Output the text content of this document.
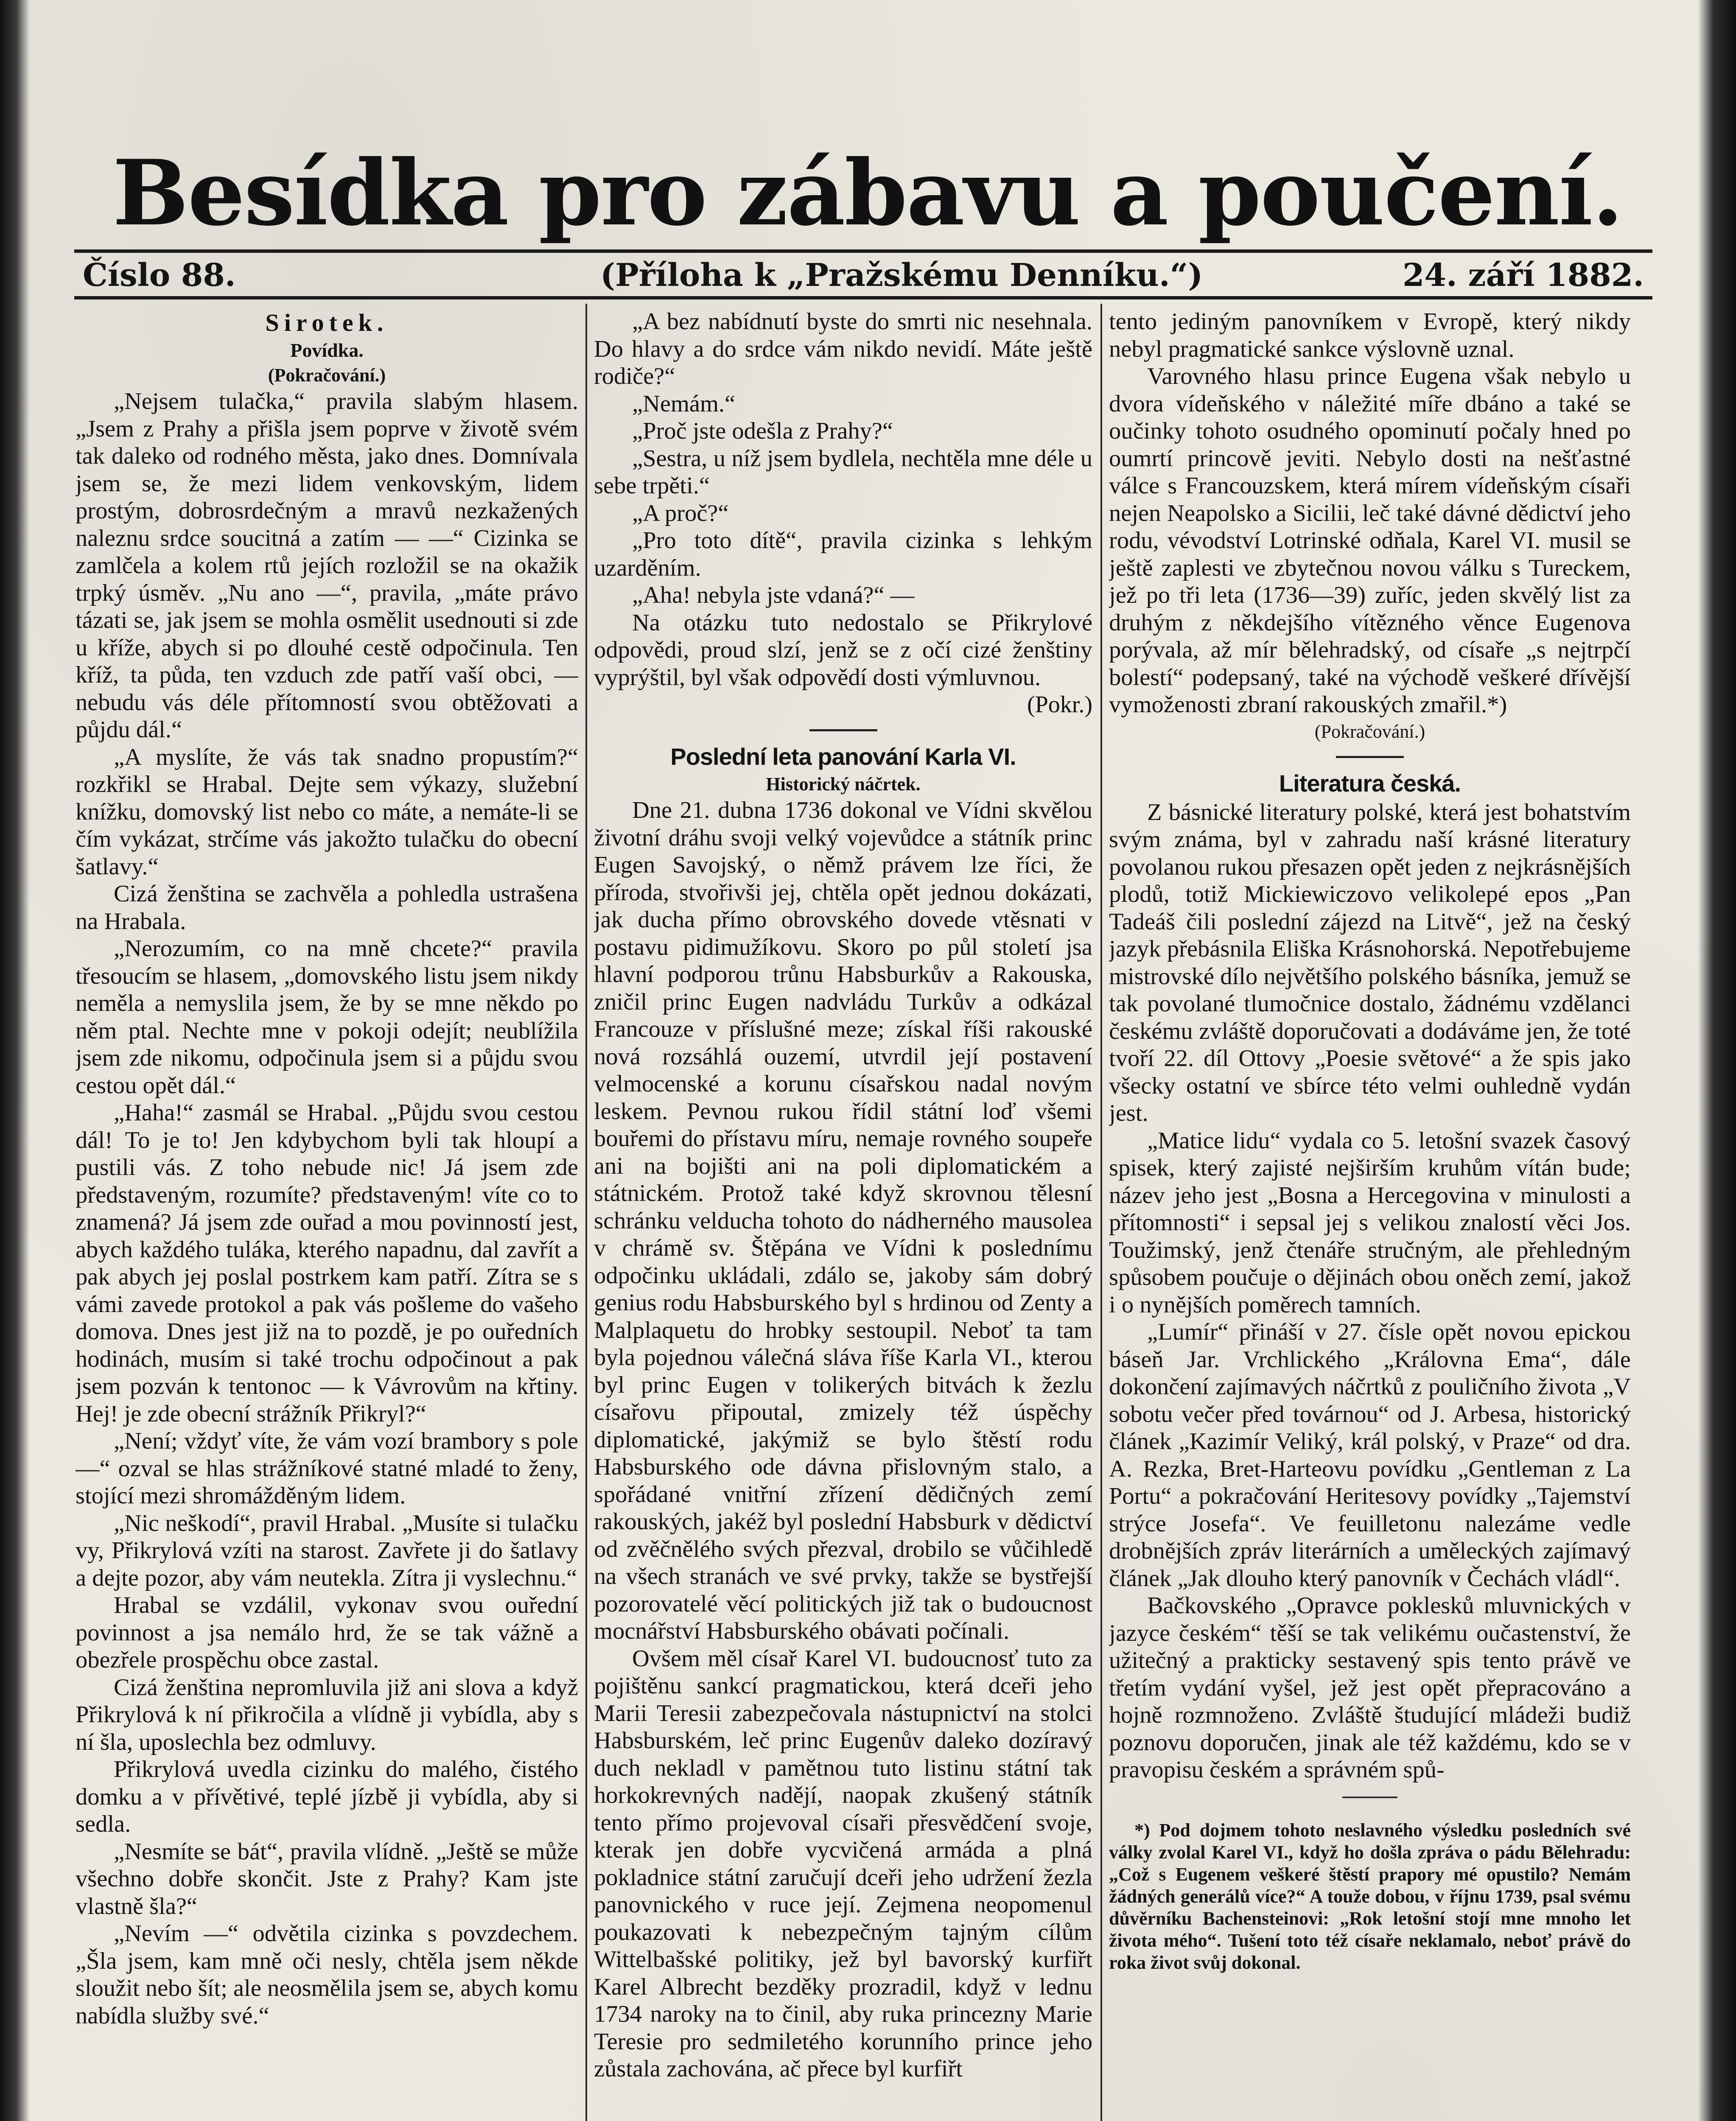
Besídka pro zábavu a poučení.
Číslo 88.	(Příloha k „Pražskému Denníku.“)	24. září 1882.
Sirotek.
Povídka.
(Pokračování.)

„Nejsem tulačka,“ pravila slabým hlasem. „Jsem z Prahy a přišla jsem poprve v životě svém tak daleko od rodného města, jako dnes. Domnívala jsem se, že mezi lidem venkovským, lidem prostým, dobrosrdečným a mravů nezkažených naleznu srdce soucitná a zatím — —“ Cizinka se zamlčela a kolem rtů jejích rozložil se na okažik trpký úsměv. „Nu ano —“, pravila, „máte právo tázati se, jak jsem se mohla osmělit usednouti si zde u kříže, abych si po dlouhé cestě odpočinula. Ten kříž, ta půda, ten vzduch zde patří vaší obci, — nebudu vás déle přítomností svou obtěžovati a půjdu dál.“

„A myslíte, že vás tak snadno propustím?“ rozkřikl se Hrabal. Dejte sem výkazy, služební knížku, domovský list nebo co máte, a nemáte-li se čím vykázat, strčíme vás jakožto tulačku do obecní šatlavy.“

Cizá ženština se zachvěla a pohledla ustrašena na Hrabala.

„Nerozumím, co na mně chcete?“ pravila třesoucím se hlasem, „domovského listu jsem nikdy neměla a nemyslila jsem, že by se mne někdo po něm ptal. Nechte mne v pokoji odejít; neublížila jsem zde nikomu, odpočinula jsem si a půjdu svou cestou opět dál.“

„Haha!“ zasmál se Hrabal. „Půjdu svou cestou dál! To je to! Jen kdybychom byli tak hloupí a pustili vás. Z toho nebude nic! Já jsem zde představeným, rozumíte? představeným! víte co to znamená? Já jsem zde ouřad a mou povinností jest, abych každého tuláka, kterého napadnu, dal zavřít a pak abych jej poslal postrkem kam patří. Zítra se s vámi zavede protokol a pak vás pošleme do vašeho domova. Dnes jest již na to pozdě, je po ouředních hodinách, musím si také trochu odpočinout a pak jsem pozván k tentonoc — k Vávrovům na křtiny. Hej! je zde obecní strážník Přikryl?“

„Není; vždyť víte, že vám vozí brambory s pole —“ ozval se hlas strážníkové statné mladé to ženy, stojící mezi shromážděným lidem.

„Nic neškodí“, pravil Hrabal. „Musíte si tulačku vy, Přikrylová vzíti na starost. Zavřete ji do šatlavy a dejte pozor, aby vám neutekla. Zítra ji vyslechnu.“

Hrabal se vzdálil, vykonav svou ouřední povinnost a jsa nemálo hrd, že se tak vážně a obezřele prospěchu obce zastal.

Cizá ženština nepromluvila již ani slova a když Přikrylová k ní přikročila a vlídně ji vybídla, aby s ní šla, uposlechla bez odmluvy.

Přikrylová uvedla cizinku do malého, čistého domku a v přívětivé, teplé jízbě ji vybídla, aby si sedla.

„Nesmíte se bát“, pravila vlídně. „Ještě se může všechno dobře skončit. Jste z Prahy? Kam jste vlastně šla?“

„Nevím —“ odvětila cizinka s povzdechem. „Šla jsem, kam mně oči nesly, chtěla jsem někde sloužit nebo šít; ale neosmělila jsem se, abych komu nabídla služby své.“

„A bez nabídnutí byste do smrti nic nesehnala. Do hlavy a do srdce vám nikdo nevidí. Máte ještě rodiče?“

„Nemám.“

„Proč jste odešla z Prahy?“

„Sestra, u níž jsem bydlela, nechtěla mne déle u sebe trpěti.“

„A proč?“

„Pro toto dítě“, pravila cizinka s lehkým uzarděním.

„Aha! nebyla jste vdaná?“ —

Na otázku tuto nedostalo se Přikrylové odpovědi, proud slzí, jenž se z očí cizé ženštiny vyprýštil, byl však odpovědí dosti výmluvnou.

(Pokr.)
Poslední leta panování Karla VI.
Historický náčrtek.

Dne 21. dubna 1736 dokonal ve Vídni skvělou životní dráhu svoji velký vojevůdce a státník princ Eugen Savojský, o němž právem lze říci, že příroda, stvořivši jej, chtěla opět jednou dokázati, jak ducha přímo obrovského dovede vtěsnati v postavu pidimužíkovu. Skoro po půl století jsa hlavní podporou trůnu Habsburkův a Rakouska, zničil princ Eugen nadvládu Turkův a odkázal Francouze v příslušné meze; získal říši rakouské nová rozsáhlá ouzemí, utvrdil její postavení velmocenské a korunu císařskou nadal novým leskem. Pevnou rukou řídil státní loď všemi bouřemi do přístavu míru, nemaje rovného soupeře ani na bojišti ani na poli diplomatickém a státnickém. Protož také když skrovnou tělesní schránku velducha tohoto do nádherného mausolea v chrámě sv. Štěpána ve Vídni k poslednímu odpočinku ukládali, zdálo se, jakoby sám dobrý genius rodu Habsburského byl s hrdinou od Zenty a Malplaquetu do hrobky sestoupil. Neboť ta tam byla pojednou válečná sláva říše Karla VI., kterou byl princ Eugen v tolikerých bitvách k žezlu císařovu připoutal, zmizely též úspěchy diplomatické, jakýmiž se bylo štěstí rodu Habsburského ode dávna přislovným stalo, a spořádané vnitřní zřízení dědičných zemí rakouských, jakéž byl poslední Habsburk v dědictví od zvěčnělého svých přezval, drobilo se vůčihledě na všech stranách ve své prvky, takže se bystřejší pozorovatelé věcí politických již tak o budoucnost mocnářství Habsburského obávati počínali.

Ovšem měl císař Karel VI. budoucnosť tuto za pojištěnu sankcí pragmatickou, která dceři jeho Marii Teresii zabezpečovala nástupnictví na stolci Habsburském, leč princ Eugenův daleko dozíravý duch nekladl v pamětnou tuto listinu státní tak horkokrevných nadějí, naopak zkušený státník tento přímo projevoval císaři přesvědčení svoje, kterak jen dobře vycvičená armáda a plná pokladnice státní zaručují dceři jeho udržení žezla panovnického v ruce její. Zejmena neopomenul poukazovati k nebezpečným tajným cílům Wittelbašské politiky, jež byl bavorský kurfiřt Karel Albrecht bezděky prozradil, když v lednu 1734 naroky na to činil, aby ruka princezny Marie Teresie pro sedmiletého korunního prince jeho zůstala zachována, ač přece byl kurfiřt

tento jediným panovníkem v Evropě, který nikdy nebyl pragmatické sankce výslovně uznal.

Varovného hlasu prince Eugena však nebylo u dvora vídeňského v náležité míře dbáno a také se oučinky tohoto osudného opominutí počaly hned po oumrtí princově jeviti. Nebylo dosti na nešťastné válce s Francouzskem, která mírem vídeňským císaři nejen Neapolsko a Sicilii, leč také dávné dědictví jeho rodu, vévodství Lotrinské odňala, Karel VI. musil se ještě zaplesti ve zbytečnou novou válku s Tureckem, jež po tři leta (1736—39) zuříc, jeden skvělý list za druhým z někdejšího vítězného věnce Eugenova porývala, až mír bělehradský, od císaře „s nejtrpčí bolestí“ podepsaný, také na východě veškeré dřívější vymoženosti zbraní rakouských zmařil.*)

(Pokračování.)
Literatura česká.

Z básnické literatury polské, která jest bohatstvím svým známa, byl v zahradu naší krásné literatury povolanou rukou přesazen opět jeden z nejkrásnějších plodů, totiž Mickiewiczovo velikolepé epos „Pan Tadeáš čili poslední zájezd na Litvě“, jež na český jazyk přebásnila Eliška Krásnohorská. Nepotřebujeme mistrovské dílo největšího polského básníka, jemuž se tak povolané tlumočnice dostalo, žádnému vzdělanci českému zvláště doporučovati a dodáváme jen, že toté tvoří 22. díl Ottovy „Poesie světové“ a že spis jako všecky ostatní ve sbírce této velmi ouhledně vydán jest.

„Matice lidu“ vydala co 5. letošní svazek časový spisek, který zajisté nejširším kruhům vítán bude; název jeho jest „Bosna a Hercegovina v minulosti a přítomnosti“ i sepsal jej s velikou znalostí věci Jos. Toužimský, jenž čtenáře stručným, ale přehledným spůsobem poučuje o dějinách obou oněch zemí, jakož i o nynějších poměrech tamních.

„Lumír“ přináší v 27. čísle opět novou epickou báseň Jar. Vrchlického „Královna Ema“, dále dokončení zajímavých náčrtků z pouličního života „V sobotu večer před továrnou“ od J. Arbesa, historický článek „Kazimír Veliký, král polský, v Praze“ od dra. A. Rezka, Bret-Harteovu povídku „Gentleman z La Portu“ a pokračování Heritesovy povídky „Tajemství strýce Josefa“. Ve feuilletonu nalezáme vedle drobnějších zpráv literárních a uměleckých zajímavý článek „Jak dlouho který panovník v Čechách vládl“.

Bačkovského „Opravce poklesků mluvnických v jazyce českém“ těší se tak velikému oučastenství, že užitečný a prakticky sestavený spis tento právě ve třetím vydání vyšel, jež jest opět přepracováno a hojně rozmnoženo. Zvláště študující mládeži budiž poznovu doporučen, jinak ale též každému, kdo se v pravopisu českém a správném spů-

*) Pod dojmem tohoto neslavného výsledku posledních své války zvolal Karel VI., když ho došla zpráva o pádu Bělehradu: „Což s Eugenem veškeré štěstí prapory mé opustilo? Nemám žádných generálů více?“ A touže dobou, v říjnu 1739, psal svému důvěrníku Bachensteinovi: „Rok letošní stojí mne mnoho let života mého“. Tušení toto též císaře neklamalo, neboť právě do roka život svůj dokonal.
